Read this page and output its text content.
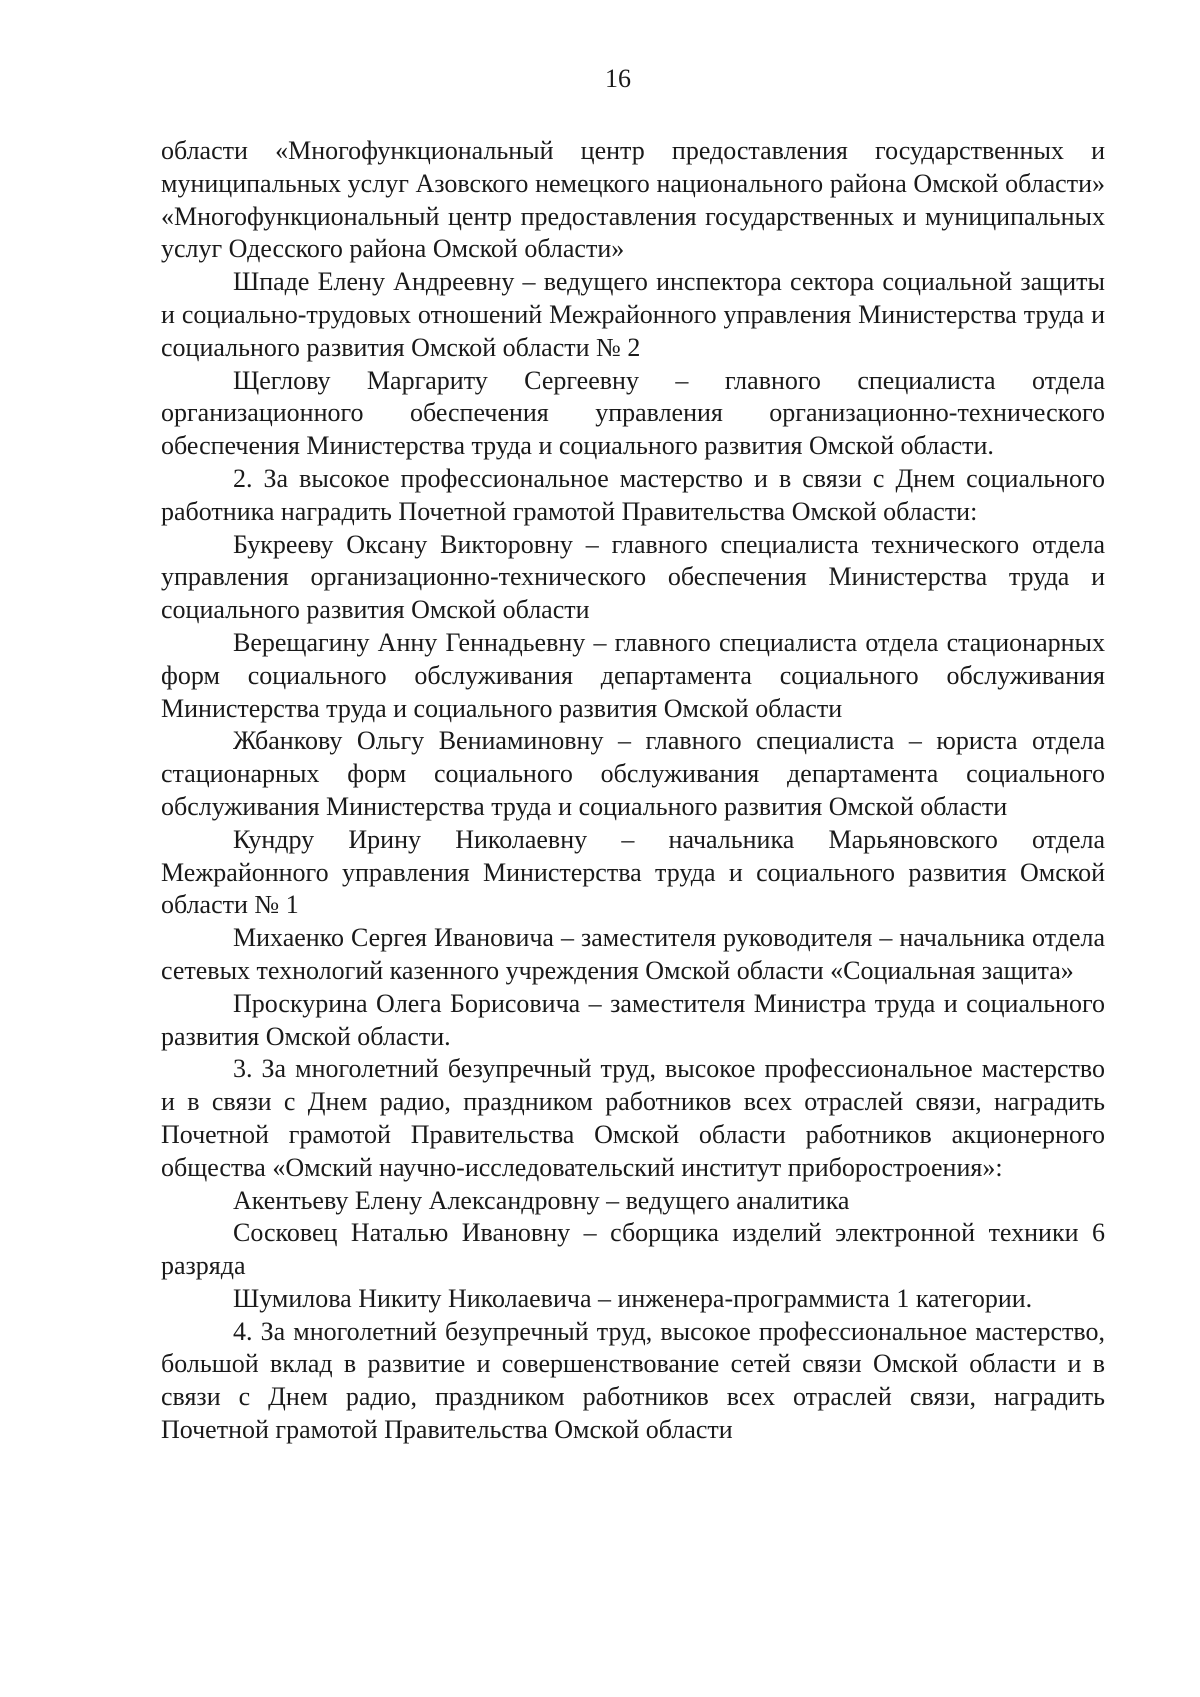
16

области «Многофункциональный центр предоставления государственных и муниципальных услуг Азовского немецкого национального района Омской области» «Многофункциональный центр предоставления государственных и муниципальных услуг Одесского района Омской области»

Шпаде Елену Андреевну – ведущего инспектора сектора социальной защиты и социально-трудовых отношений Межрайонного управления Министерства труда и социального развития Омской области № 2

Щеглову Маргариту Сергеевну – главного специалиста отдела организационного обеспечения управления организационно-технического обеспечения Министерства труда и социального развития Омской области.

2. За высокое профессиональное мастерство и в связи с Днем социального работника наградить Почетной грамотой Правительства Омской области:

Букрееву Оксану Викторовну – главного специалиста технического отдела управления организационно-технического обеспечения Министерства труда и социального развития Омской области

Верещагину Анну Геннадьевну – главного специалиста отдела стационарных форм социального обслуживания департамента социального обслуживания Министерства труда и социального развития Омской области

Жбанкову Ольгу Вениаминовну – главного специалиста – юриста отдела стационарных форм социального обслуживания департамента социального обслуживания Министерства труда и социального развития Омской области

Кундру Ирину Николаевну – начальника Марьяновского отдела Межрайонного управления Министерства труда и социального развития Омской области № 1

Михаенко Сергея Ивановича – заместителя руководителя – начальника отдела сетевых технологий казенного учреждения Омской области «Социальная защита»

Проскурина Олега Борисовича – заместителя Министра труда и социального развития Омской области.

3. За многолетний безупречный труд, высокое профессиональное мастерство и в связи с Днем радио, праздником работников всех отраслей связи, наградить Почетной грамотой Правительства Омской области работников акционерного общества «Омский научно-исследовательский институт приборостроения»:

Акентьеву Елену Александровну – ведущего аналитика

Сосковец Наталью Ивановну – сборщика изделий электронной техники 6 разряда

Шумилова Никиту Николаевича – инженера-программиста 1 категории.

4. За многолетний безупречный труд, высокое профессиональное мастерство, большой вклад в развитие и совершенствование сетей связи Омской области и в связи с Днем радио, праздником работников всех отраслей связи, наградить Почетной грамотой Правительства Омской области
